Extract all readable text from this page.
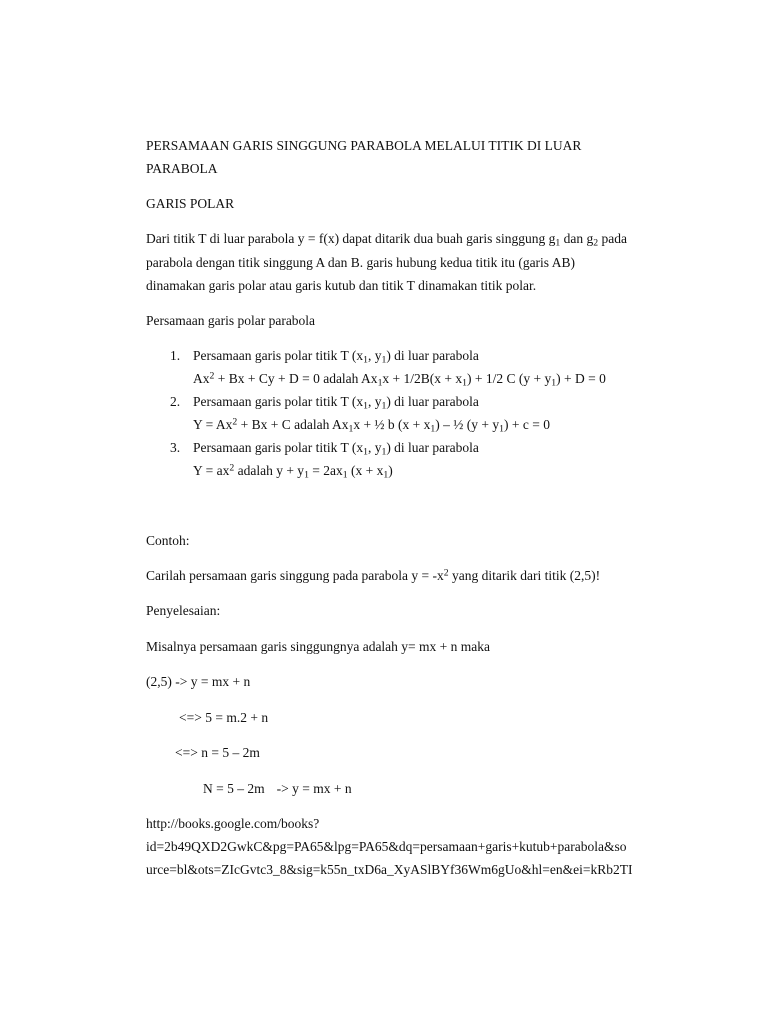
PERSAMAAN GARIS SINGGUNG PARABOLA MELALUI TITIK DI LUAR
PARABOLA
GARIS POLAR
Dari titik T di luar parabola y = f(x) dapat ditarik dua buah garis singgung $g_1$ dan $g_2$ pada
parabola dengan titik singgung A dan B. garis hubung kedua titik itu (garis AB)
dinamakan garis polar atau garis kutub dan titik T dinamakan titik polar.
Persamaan garis polar parabola
1. Persamaan garis polar titik T ($x_1$, $y_1$) di luar parabola
$Ax^2 + Bx + Cy + D = 0$ adalah $Ax_1x + 1/2B(x + x_1) + 1/2$ C $(y + y_1) + D = 0$
2. Persamaan garis polar titik T ($x_1$, $y_1$) di luar parabola
$Y = Ax^2 + Bx + C$ adalah $Ax_1x$ + ½ b $(x + x_1)$ – ½ $(y + y_1) + c = 0$
3. Persamaan garis polar titik T ($x_1$, $y_1$) di luar parabola
$Y = ax^2$ adalah $y + y_1 = 2ax_1$ $(x + x_1)$
Contoh:
Carilah persamaan garis singgung pada parabola $y = -x^2$ yang ditarik dari titik (2,5)!
Penyelesaian:
Misalnya persamaan garis singgungnya adalah y= mx + n maka
(2,5) -> y = mx + n
<=> 5 = m.2 + n
<=> n = 5 – 2m
N = 5 – 2m -> y = mx + n
http://books.google.com/books?
id=2b49QXD2GwkC&pg=PA65&lpg=PA65&dq=persamaan+garis+kutub+parabola&so
urce=bl&ots=ZIcGvtc3_8&sig=k55n_txD6a_XyASlBYf36Wm6gUo&hl=en&ei=kRb2TI
